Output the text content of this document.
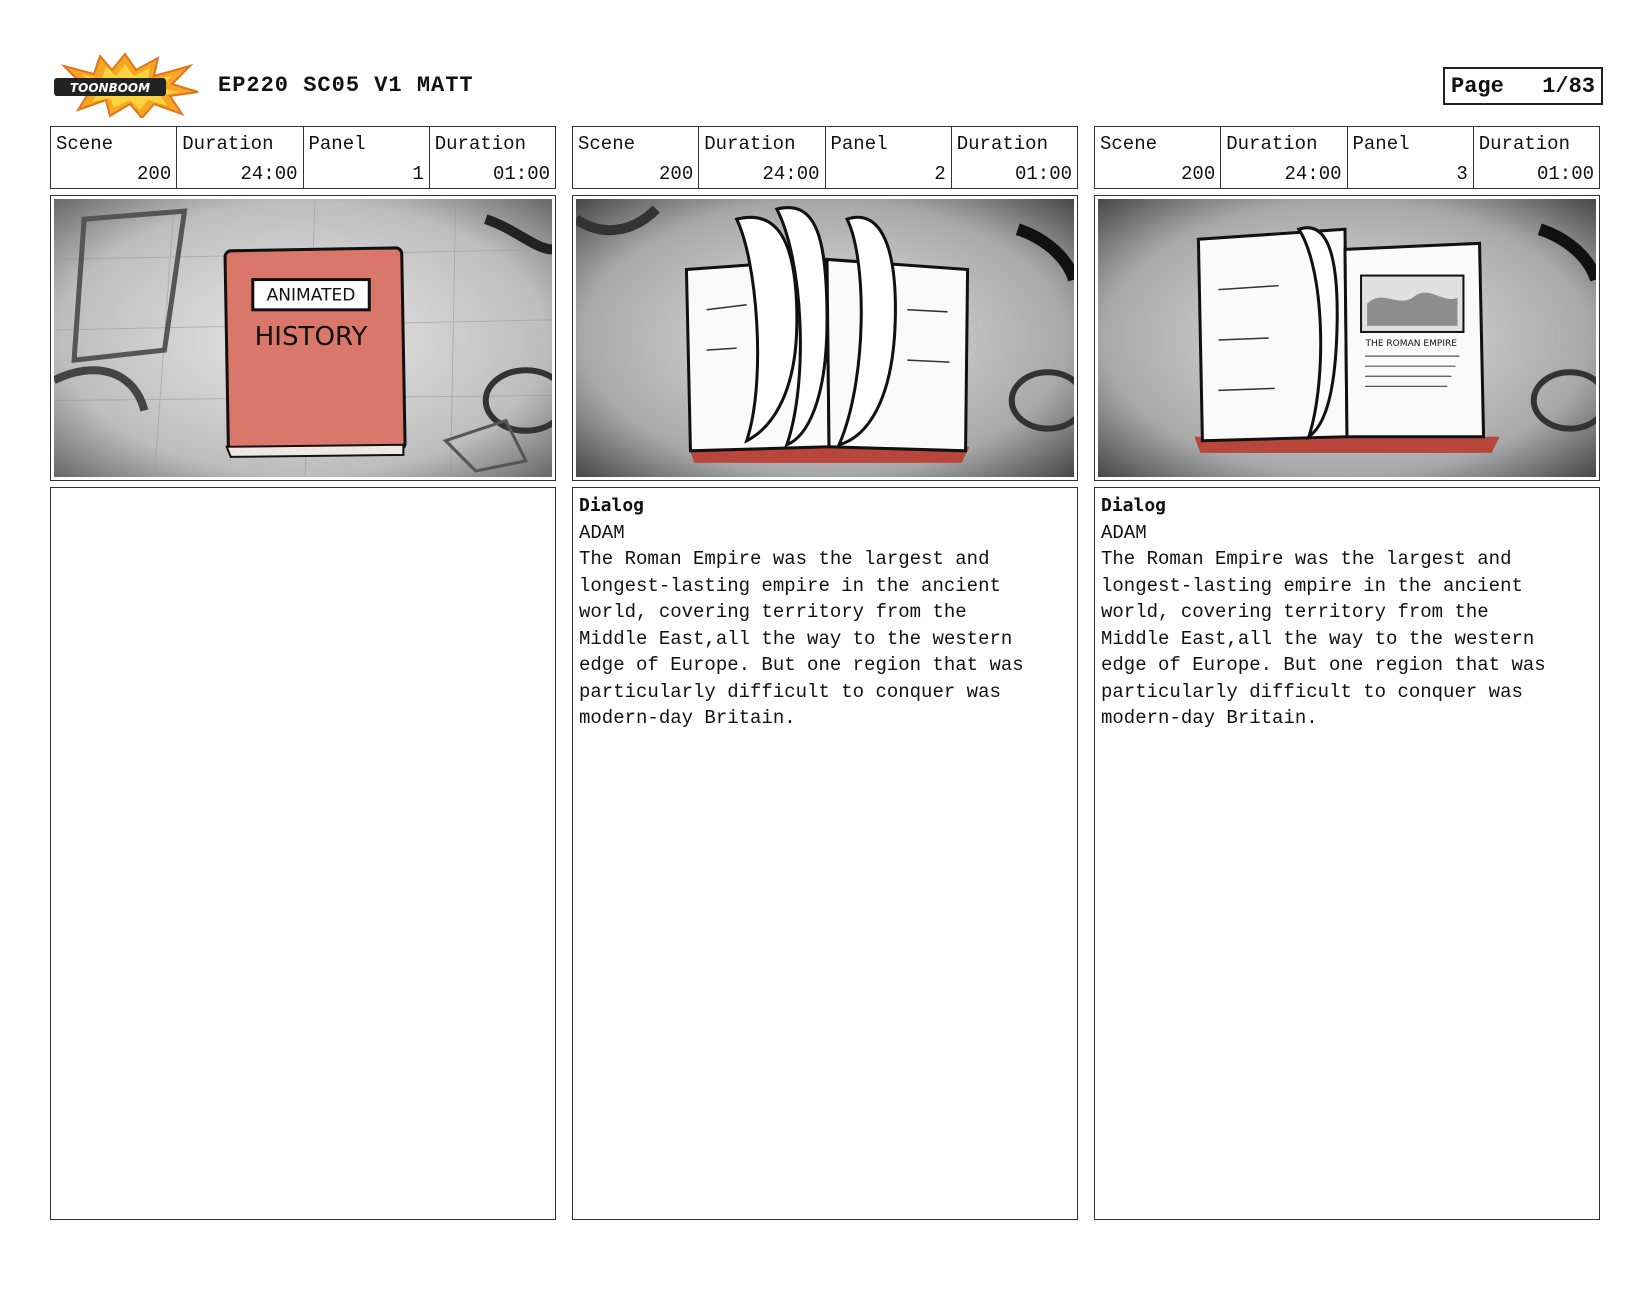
TOONBOOM	EP220 SC05 V1 MATT	Page 1/83
Scene
200
Duration
24:00
Panel
1
Duration
01:00
ANIMATED
HISTORY
Scene
200
Duration
24:00
Panel
2
Duration
01:00
Dialog
ADAM
The Roman Empire was the largest and
longest-lasting empire in the ancient
world, covering territory from the
Middle East,all the way to the western
edge of Europe. But one region that was
particularly difficult to conquer was
modern-day Britain.
Scene
200
Duration
24:00
Panel
3
Duration
01:00
THE ROMAN EMPIRE
Dialog
ADAM
The Roman Empire was the largest and
longest-lasting empire in the ancient
world, covering territory from the
Middle East,all the way to the western
edge of Europe. But one region that was
particularly difficult to conquer was
modern-day Britain.
